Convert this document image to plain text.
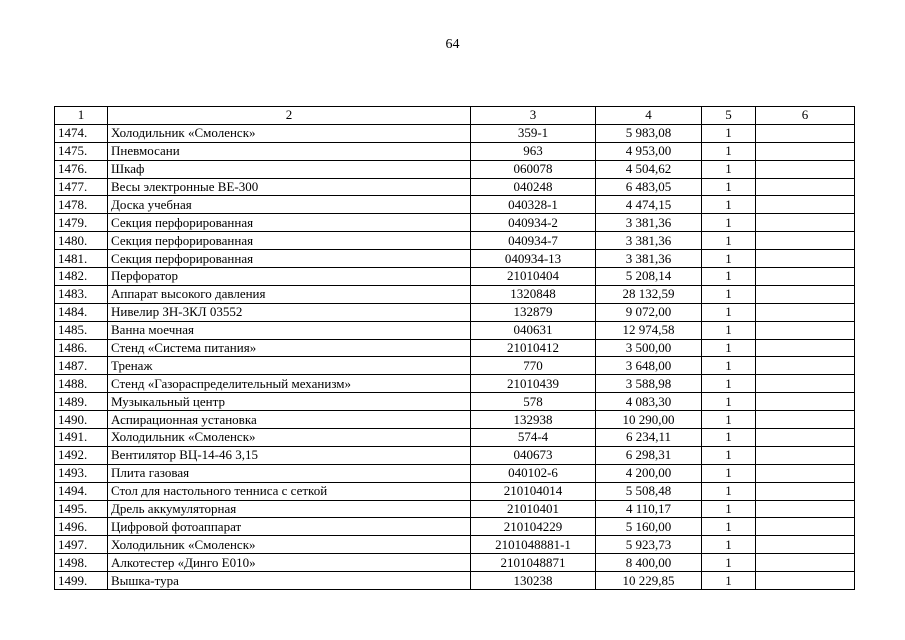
64
1	2	3	4	5	6
1474.	Холодильник «Смоленск»	359-1	5 983,08	1	
1475.	Пневмосани	963	4 953,00	1	
1476.	Шкаф	060078	4 504,62	1	
1477.	Весы электронные ВЕ-300	040248	6 483,05	1	
1478.	Доска учебная	040328-1	4 474,15	1	
1479.	Секция перфорированная	040934-2	3 381,36	1	
1480.	Секция перфорированная	040934-7	3 381,36	1	
1481.	Секция перфорированная	040934-13	3 381,36	1	
1482.	Перфоратор	21010404	5 208,14	1	
1483.	Аппарат высокого давления	1320848	28 132,59	1	
1484.	Нивелир ЗН-3КЛ 03552	132879	9 072,00	1	
1485.	Ванна моечная	040631	12 974,58	1	
1486.	Стенд «Система питания»	21010412	3 500,00	1	
1487.	Тренаж	770	3 648,00	1	
1488.	Стенд «Газораспределительный механизм»	21010439	3 588,98	1	
1489.	Музыкальный центр	578	4 083,30	1	
1490.	Аспирационная установка	132938	10 290,00	1	
1491.	Холодильник «Смоленск»	574-4	6 234,11	1	
1492.	Вентилятор ВЦ-14-46 3,15	040673	6 298,31	1	
1493.	Плита газовая	040102-6	4 200,00	1	
1494.	Стол для настольного тенниса с сеткой	210104014	5 508,48	1	
1495.	Дрель аккумуляторная	21010401	4 110,17	1	
1496.	Цифровой фотоаппарат	210104229	5 160,00	1	
1497.	Холодильник «Смоленск»	2101048881-1	5 923,73	1	
1498.	Алкотестер «Динго Е010»	2101048871	8 400,00	1	
1499.	Вышка-тура	130238	10 229,85	1	
